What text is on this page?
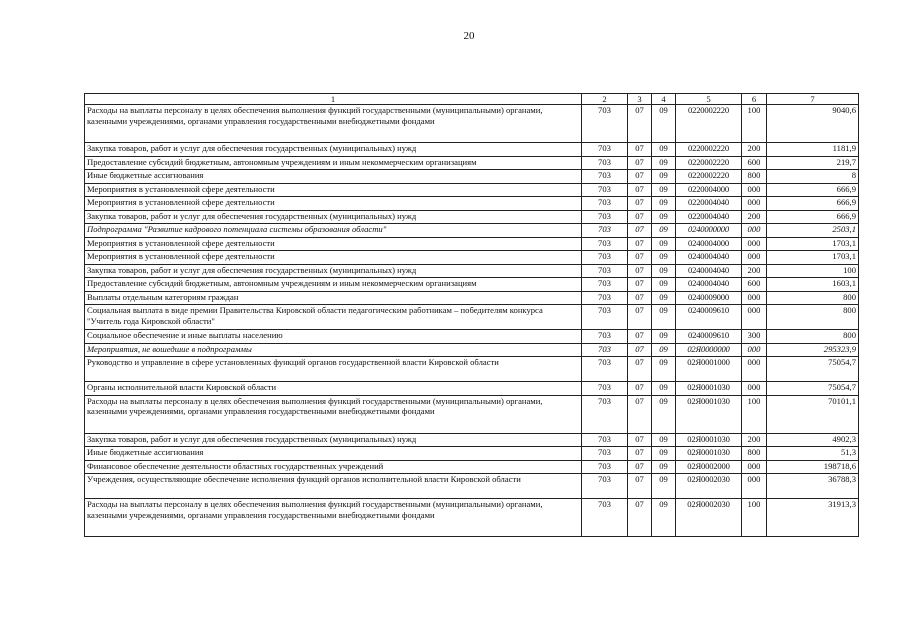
20
1	2	3	4	5	6	7
Расходы на выплаты персоналу в целях обеспечения выполнения функций государственными (муниципальными) органами, казенными учреждениями, органами управления государственными внебюджетными фондами	703	07	09	0220002220	100	9040,6
Закупка товаров, работ и услуг для обеспечения государственных (муниципальных) нужд	703	07	09	0220002220	200	1181,9
Предоставление субсидий бюджетным, автономным учреждениям и иным некоммерческим организациям	703	07	09	0220002220	600	219,7
Иные бюджетные ассигнования	703	07	09	0220002220	800	8
Мероприятия в установленной сфере деятельности	703	07	09	0220004000	000	666,9
Мероприятия в установленной сфере деятельности	703	07	09	0220004040	000	666,9
Закупка товаров, работ и услуг для обеспечения государственных (муниципальных) нужд	703	07	09	0220004040	200	666,9
Подпрограмма "Развитие кадрового потенциала системы образования области"	703	07	09	0240000000	000	2503,1
Мероприятия в установленной сфере деятельности	703	07	09	0240004000	000	1703,1
Мероприятия в установленной сфере деятельности	703	07	09	0240004040	000	1703,1
Закупка товаров, работ и услуг для обеспечения государственных (муниципальных) нужд	703	07	09	0240004040	200	100
Предоставление субсидий бюджетным, автономным учреждениям и иным некоммерческим организациям	703	07	09	0240004040	600	1603,1
Выплаты отдельным категориям граждан	703	07	09	0240009000	000	800
Социальная выплата в виде премии Правительства Кировской области педагогическим работникам – победителям конкурса "Учитель года Кировской области"	703	07	09	0240009610	000	800
Социальное обеспечение и иные выплаты населению	703	07	09	0240009610	300	800
Мероприятия, не вошедшие в подпрограммы	703	07	09	02Я0000000	000	295323,9
Руководство и управление в сфере установленных функций органов государственной власти Кировской области	703	07	09	02Я0001000	000	75054,7
Органы исполнительной власти Кировской области	703	07	09	02Я0001030	000	75054,7
Расходы на выплаты персоналу в целях обеспечения выполнения функций государственными (муниципальными) органами, казенными учреждениями, органами управления государственными внебюджетными фондами	703	07	09	02Я0001030	100	70101,1
Закупка товаров, работ и услуг для обеспечения государственных (муниципальных) нужд	703	07	09	02Я0001030	200	4902,3
Иные бюджетные ассигнования	703	07	09	02Я0001030	800	51,3
Финансовое обеспечение деятельности областных государственных учреждений	703	07	09	02Я0002000	000	198718,6
Учреждения, осуществляющие обеспечение исполнения функций органов исполнительной власти Кировской области	703	07	09	02Я0002030	000	36788,3
Расходы на выплаты персоналу в целях обеспечения выполнения функций государственными (муниципальными) органами, казенными учреждениями, органами управления государственными внебюджетными фондами	703	07	09	02Я0002030	100	31913,3
